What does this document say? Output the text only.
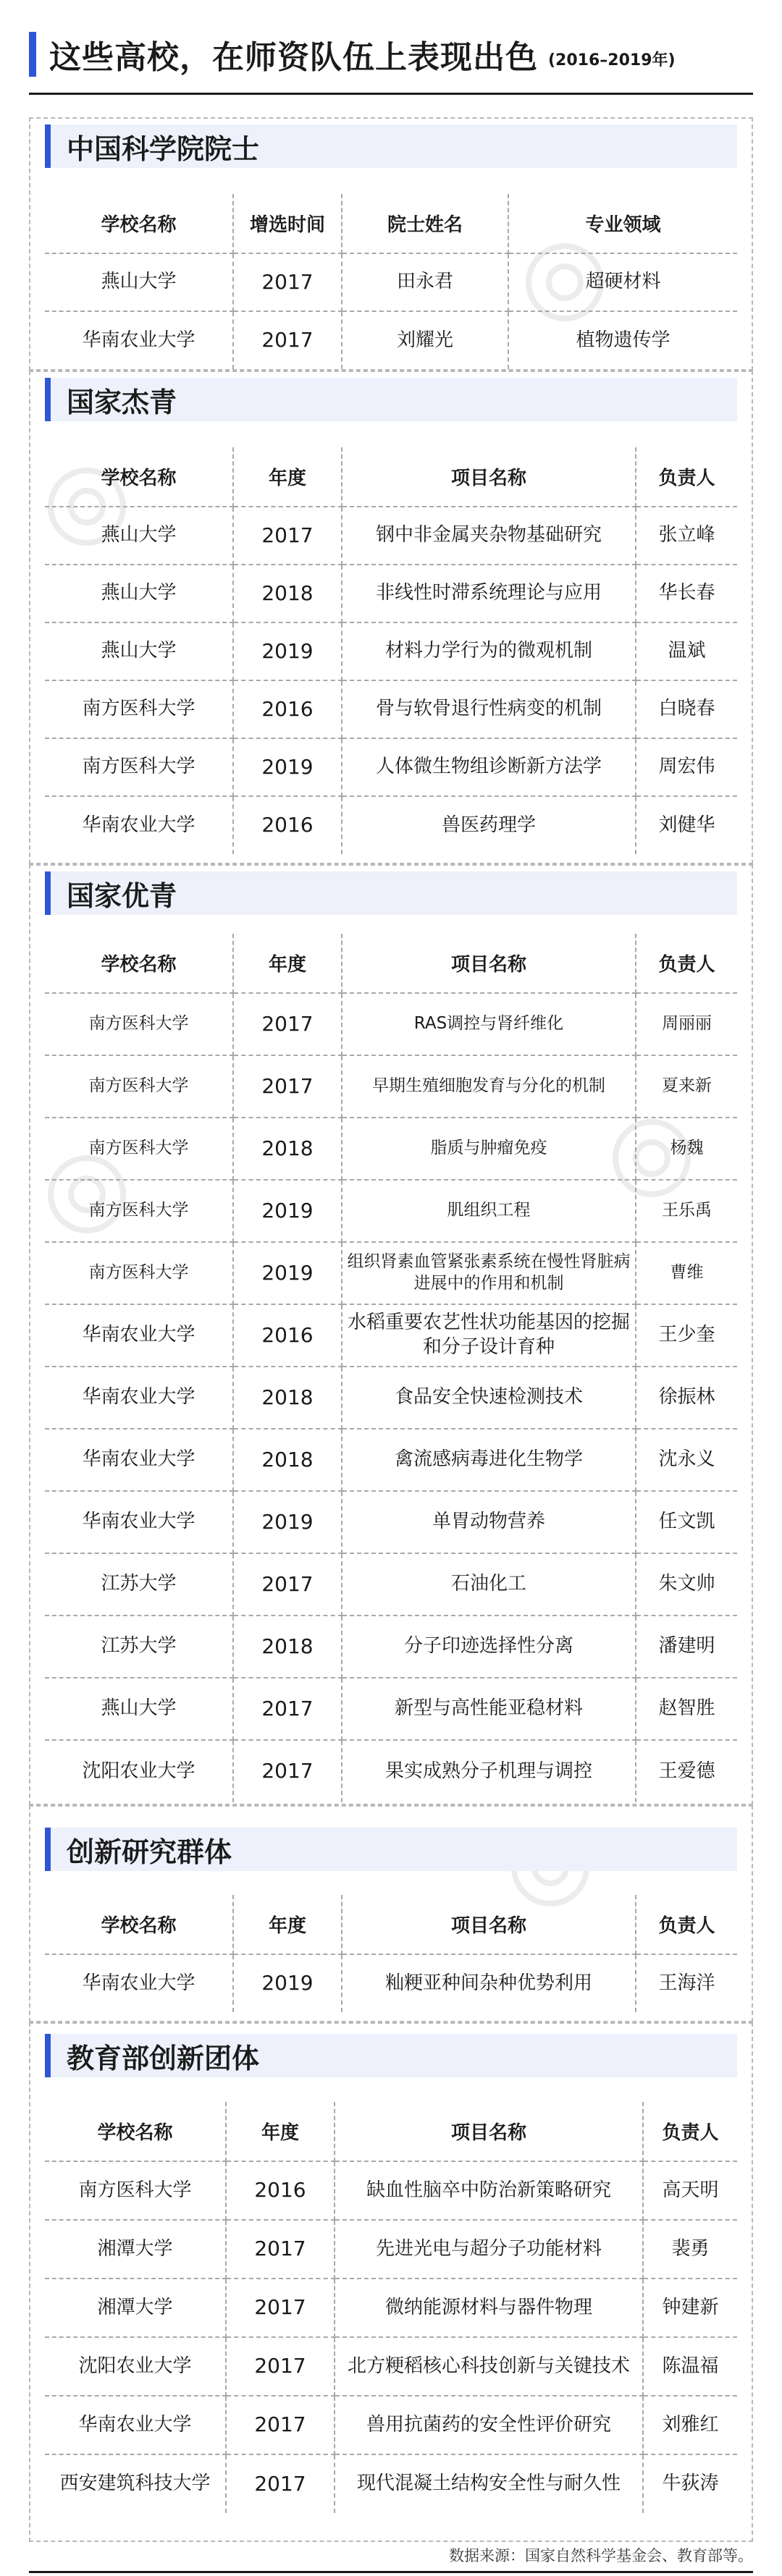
这些高校，在师资队伍上表现出色 (2016–2019年)
中国科学院院士
学校名称	增选时间	院士姓名	专业领域
燕山大学	2017	田永君	超硬材料
华南农业大学	2017	刘耀光	植物遗传学
国家杰青
学校名称	年度	项目名称	负责人
燕山大学	2017	钢中非金属夹杂物基础研究	张立峰
燕山大学	2018	非线性时滞系统理论与应用	华长春
燕山大学	2019	材料力学行为的微观机制	温斌
南方医科大学	2016	骨与软骨退行性病变的机制	白晓春
南方医科大学	2019	人体微生物组诊断新方法学	周宏伟
华南农业大学	2016	兽医药理学	刘健华
国家优青
学校名称	年度	项目名称	负责人
南方医科大学	2017	RAS调控与肾纤维化	周丽丽
南方医科大学	2017	早期生殖细胞发育与分化的机制	夏来新
南方医科大学	2018	脂质与肿瘤免疫	杨魏
南方医科大学	2019	肌组织工程	王乐禹
南方医科大学	2019	组织肾素血管紧张素系统在慢性肾脏病进展中的作用和机制	曹维
华南农业大学	2016	水稻重要农艺性状功能基因的挖掘和分子设计育种	王少奎
华南农业大学	2018	食品安全快速检测技术	徐振林
华南农业大学	2018	禽流感病毒进化生物学	沈永义
华南农业大学	2019	单胃动物营养	任文凯
江苏大学	2017	石油化工	朱文帅
江苏大学	2018	分子印迹选择性分离	潘建明
燕山大学	2017	新型与高性能亚稳材料	赵智胜
沈阳农业大学	2017	果实成熟分子机理与调控	王爱德
创新研究群体
学校名称	年度	项目名称	负责人
华南农业大学	2019	籼粳亚种间杂种优势利用	王海洋
教育部创新团体
学校名称	年度	项目名称	负责人
南方医科大学	2016	缺血性脑卒中防治新策略研究	高天明
湘潭大学	2017	先进光电与超分子功能材料	裴勇
湘潭大学	2017	微纳能源材料与器件物理	钟建新
沈阳农业大学	2017	北方粳稻核心科技创新与关键技术	陈温福
华南农业大学	2017	兽用抗菌药的安全性评价研究	刘雅红
西安建筑科技大学	2017	现代混凝土结构安全性与耐久性	牛荻涛
数据来源：国家自然科学基金会、教育部等。
